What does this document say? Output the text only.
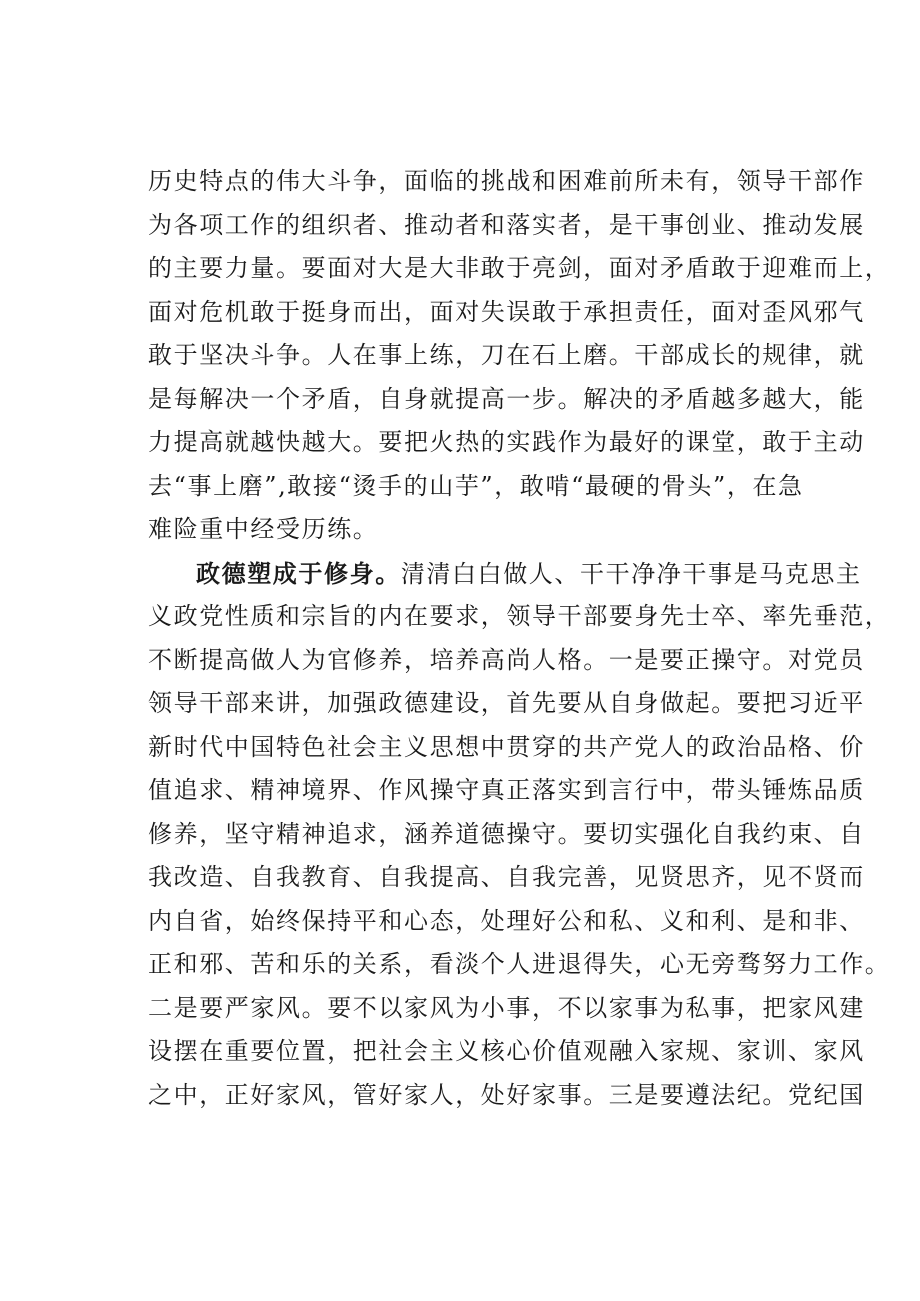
历史特点的伟大斗争，面临的挑战和困难前所未有，领导干部作
为各项工作的组织者、推动者和落实者，是干事创业、推动发展
的主要力量。要面对大是大非敢于亮剑，面对矛盾敢于迎难而上，
面对危机敢于挺身而出，面对失误敢于承担责任，面对歪风邪气
敢于坚决斗争。人在事上练，刀在石上磨。干部成长的规律，就
是每解决一个矛盾，自身就提高一步。解决的矛盾越多越大，能
力提高就越快越大。要把火热的实践作为最好的课堂，敢于主动
去“事上磨”,敢接“烫手的山芋”，敢啃“最硬的骨头”，在急
难险重中经受历练。
政德塑成于修身。清清白白做人、干干净净干事是马克思主
义政党性质和宗旨的内在要求，领导干部要身先士卒、率先垂范，
不断提高做人为官修养，培养高尚人格。一是要正操守。对党员
领导干部来讲，加强政德建设，首先要从自身做起。要把习近平
新时代中国特色社会主义思想中贯穿的共产党人的政治品格、价
值追求、精神境界、作风操守真正落实到言行中，带头锤炼品质
修养，坚守精神追求，涵养道德操守。要切实强化自我约束、自
我改造、自我教育、自我提高、自我完善，见贤思齐，见不贤而
内自省，始终保持平和心态，处理好公和私、义和利、是和非、
正和邪、苦和乐的关系，看淡个人进退得失，心无旁骛努力工作。
二是要严家风。要不以家风为小事，不以家事为私事，把家风建
设摆在重要位置，把社会主义核心价值观融入家规、家训、家风
之中，正好家风，管好家人，处好家事。三是要遵法纪。党纪国
